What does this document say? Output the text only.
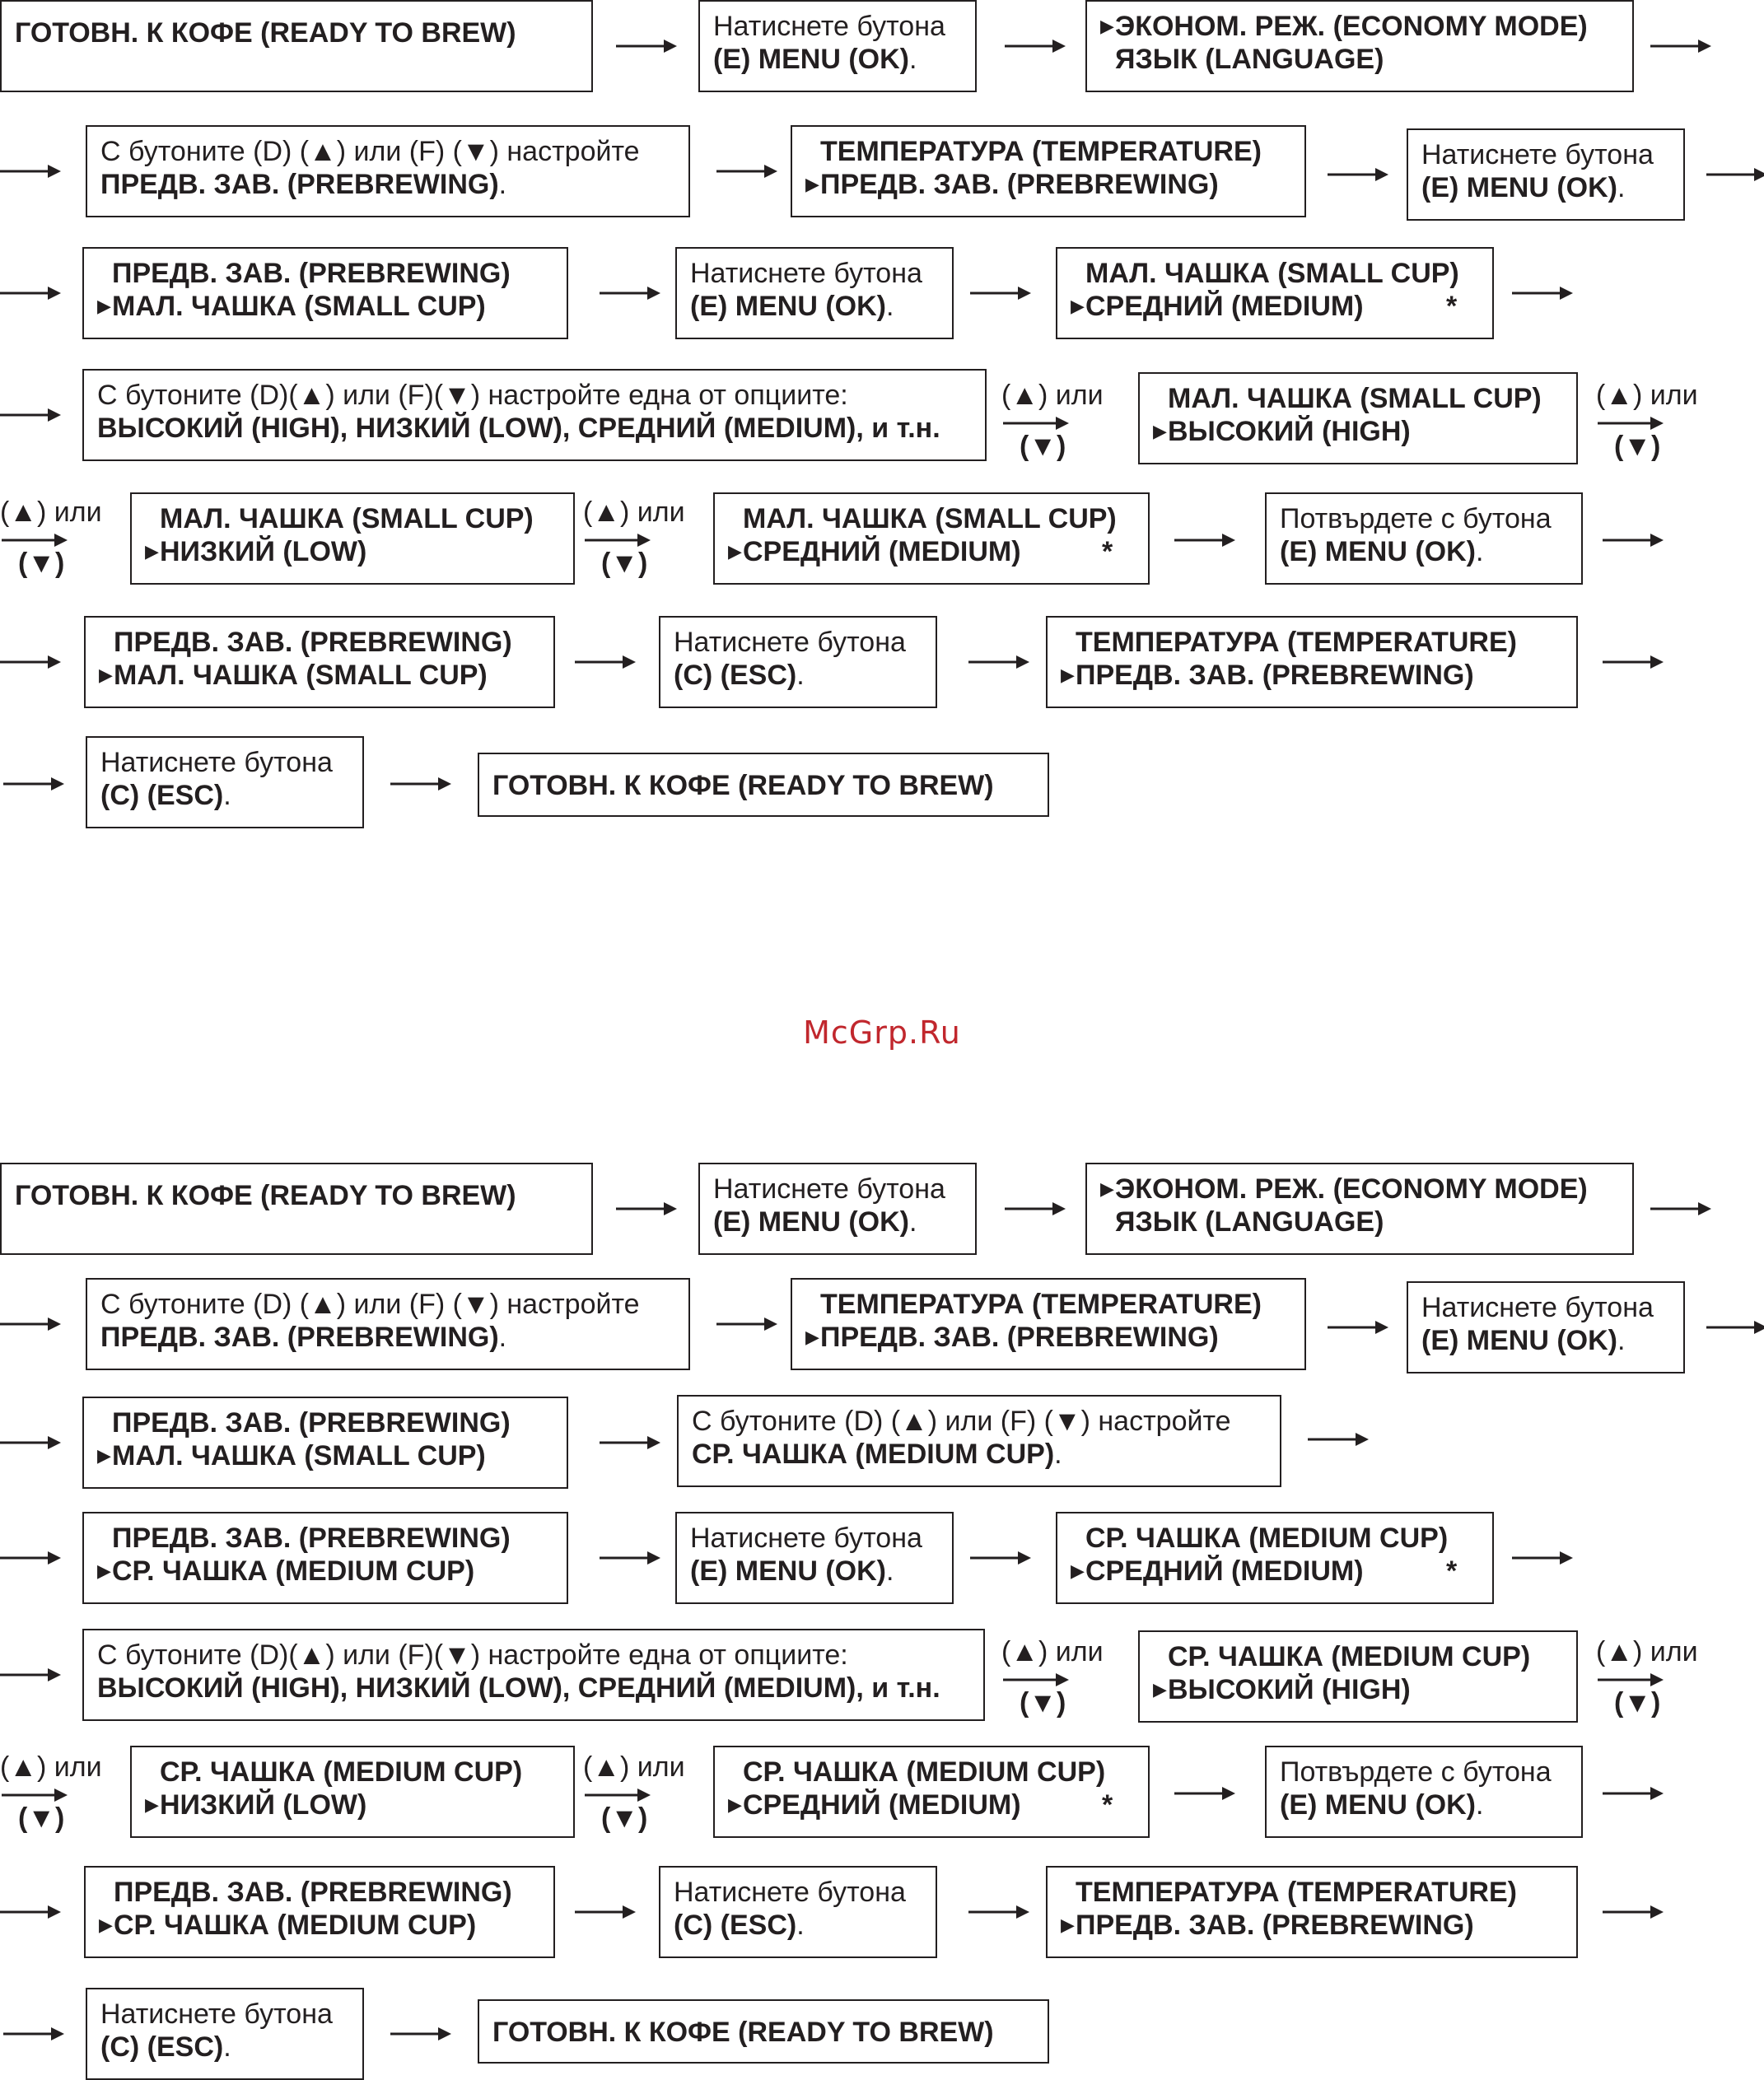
McGrp.Ru
ГОТОВН. К КОФЕ (READY TO BREW)	Натиснете бутона
(E) MENU (OK).
▶ ЭКОНОМ. РЕЖ. (ECONOMY MODE)
ЯЗЫК (LANGUAGE)
С бутоните (D) (▲) или (F) (▼) настройте
ПРЕДВ. ЗАВ. (PREBREWING).
ТЕМПЕРАТУРА (TEMPERATURE)
▶ ПРЕДВ. ЗАВ. (PREBREWING)
Натиснете бутона
(E) MENU (OK).
ПРЕДВ. ЗАВ. (PREBREWING)
▶ МАЛ. ЧАШКА (SMALL CUP)
Натиснете бутона
(E) MENU (OK).
МАЛ. ЧАШКА (SMALL CUP)
▶ СРЕДНИЙ (MEDIUM)	*
С бутоните (D)(▲) или (F)(▼) настройте една от опциите:
ВЫСОКИЙ (HIGH), НИЗКИЙ (LOW), СРЕДНИЙ (MEDIUM), и т.н.
МАЛ. ЧАШКА (SMALL CUP)
▶ ВЫСОКИЙ (HIGH)
МАЛ. ЧАШКА (SMALL CUP)
▶ НИЗКИЙ (LOW)
МАЛ. ЧАШКА (SMALL CUP)
▶ СРЕДНИЙ (MEDIUM)	*
Потвърдете с бутона
(E) MENU (OK).
ПРЕДВ. ЗАВ. (PREBREWING)
▶ МАЛ. ЧАШКА (SMALL CUP)
Натиснете бутона
(C) (ESC).
ТЕМПЕРАТУРА (TEMPERATURE)
▶ ПРЕДВ. ЗАВ. (PREBREWING)
Натиснете бутона
(C) (ESC).	ГОТОВН. К КОФЕ (READY TO BREW)
(▲) или
(▼)
(▲) или
(▼)
(▲) или
(▼)
(▲) или
(▼)
ГОТОВН. К КОФЕ (READY TO BREW)	Натиснете бутона
(E) MENU (OK).
▶ ЭКОНОМ. РЕЖ. (ECONOMY MODE)
ЯЗЫК (LANGUAGE)
С бутоните (D) (▲) или (F) (▼) настройте
ПРЕДВ. ЗАВ. (PREBREWING).
ТЕМПЕРАТУРА (TEMPERATURE)
▶ ПРЕДВ. ЗАВ. (PREBREWING)
Натиснете бутона
(E) MENU (OK).
ПРЕДВ. ЗАВ. (PREBREWING)
▶ МАЛ. ЧАШКА (SMALL CUP)
С бутоните (D) (▲) или (F) (▼) настройте
СР. ЧАШКА (MEDIUM CUP).
ПРЕДВ. ЗАВ. (PREBREWING)
▶ СР. ЧАШКА (MEDIUM CUP)
Натиснете бутона
(E) MENU (OK).
СР. ЧАШКА (MEDIUM CUP)
▶ СРЕДНИЙ (MEDIUM)	*
С бутоните (D)(▲) или (F)(▼) настройте една от опциите:
ВЫСОКИЙ (HIGH), НИЗКИЙ (LOW), СРЕДНИЙ (MEDIUM), и т.н.
СР. ЧАШКА (MEDIUM CUP)
▶ ВЫСОКИЙ (HIGH)
СР. ЧАШКА (MEDIUM CUP)
▶ НИЗКИЙ (LOW)
СР. ЧАШКА (MEDIUM CUP)
▶ СРЕДНИЙ (MEDIUM)	*
Потвърдете с бутона
(E) MENU (OK).
ПРЕДВ. ЗАВ. (PREBREWING)
▶ СР. ЧАШКА (MEDIUM CUP)
Натиснете бутона
(C) (ESC).
ТЕМПЕРАТУРА (TEMPERATURE)
▶ ПРЕДВ. ЗАВ. (PREBREWING)
Натиснете бутона
(C) (ESC).	ГОТОВН. К КОФЕ (READY TO BREW)
(▲) или
(▼)
(▲) или
(▼)
(▲) или
(▼)
(▲) или
(▼)
